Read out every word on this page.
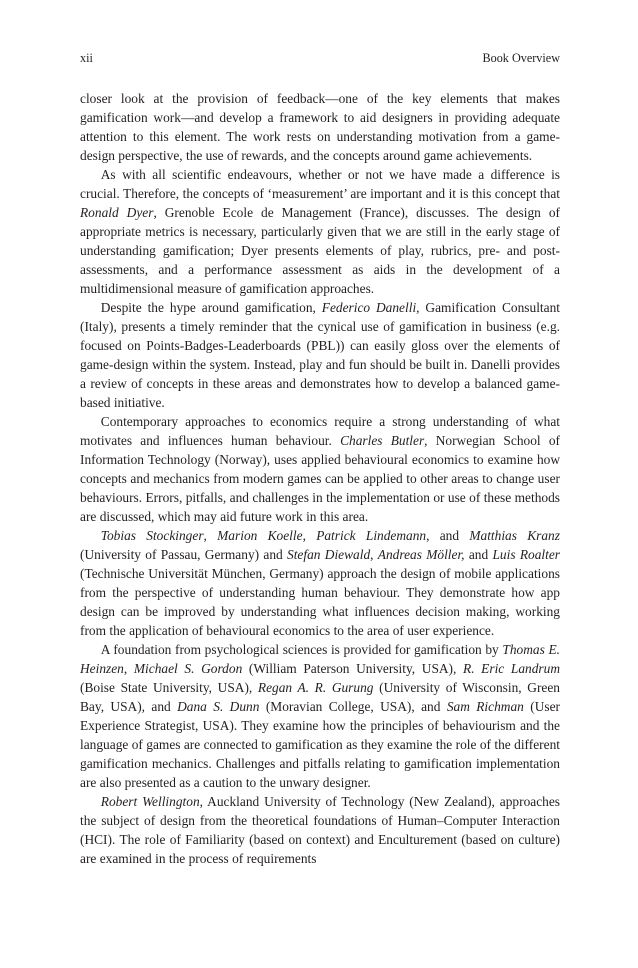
xii	Book Overview

closer look at the provision of feedback—one of the key elements that makes gamification work—and develop a framework to aid designers in providing adequate attention to this element. The work rests on understanding motivation from a game-design perspective, the use of rewards, and the concepts around game achievements.

As with all scientific endeavours, whether or not we have made a difference is crucial. Therefore, the concepts of ‘measurement’ are important and it is this concept that Ronald Dyer, Grenoble Ecole de Management (France), discusses. The design of appropriate metrics is necessary, particularly given that we are still in the early stage of understanding gamification; Dyer presents elements of play, rubrics, pre- and post-assessments, and a performance assessment as aids in the development of a multidimensional measure of gamification approaches.

Despite the hype around gamification, Federico Danelli, Gamification Consultant (Italy), presents a timely reminder that the cynical use of gamification in business (e.g. focused on Points-Badges-Leaderboards (PBL)) can easily gloss over the elements of game-design within the system. Instead, play and fun should be built in. Danelli provides a review of concepts in these areas and demonstrates how to develop a balanced game-based initiative.

Contemporary approaches to economics require a strong understanding of what motivates and influences human behaviour. Charles Butler, Norwegian School of Information Technology (Norway), uses applied behavioural economics to examine how concepts and mechanics from modern games can be applied to other areas to change user behaviours. Errors, pitfalls, and challenges in the implementation or use of these methods are discussed, which may aid future work in this area.

Tobias Stockinger, Marion Koelle, Patrick Lindemann, and Matthias Kranz (University of Passau, Germany) and Stefan Diewald, Andreas Möller, and Luis Roalter (Technische Universität München, Germany) approach the design of mobile applications from the perspective of understanding human behaviour. They demonstrate how app design can be improved by understanding what influences decision making, working from the application of behavioural economics to the area of user experience.

A foundation from psychological sciences is provided for gamification by Thomas E. Heinzen, Michael S. Gordon (William Paterson University, USA), R. Eric Landrum (Boise State University, USA), Regan A. R. Gurung (University of Wisconsin, Green Bay, USA), and Dana S. Dunn (Moravian College, USA), and Sam Richman (User Experience Strategist, USA). They examine how the principles of behaviourism and the language of games are connected to gamification as they examine the role of the different gamification mechanics. Challenges and pitfalls relating to gamification implementation are also presented as a caution to the unwary designer.

Robert Wellington, Auckland University of Technology (New Zealand), approaches the subject of design from the theoretical foundations of Human–Computer Interaction (HCI). The role of Familiarity (based on context) and Enculturement (based on culture) are examined in the process of requirements
